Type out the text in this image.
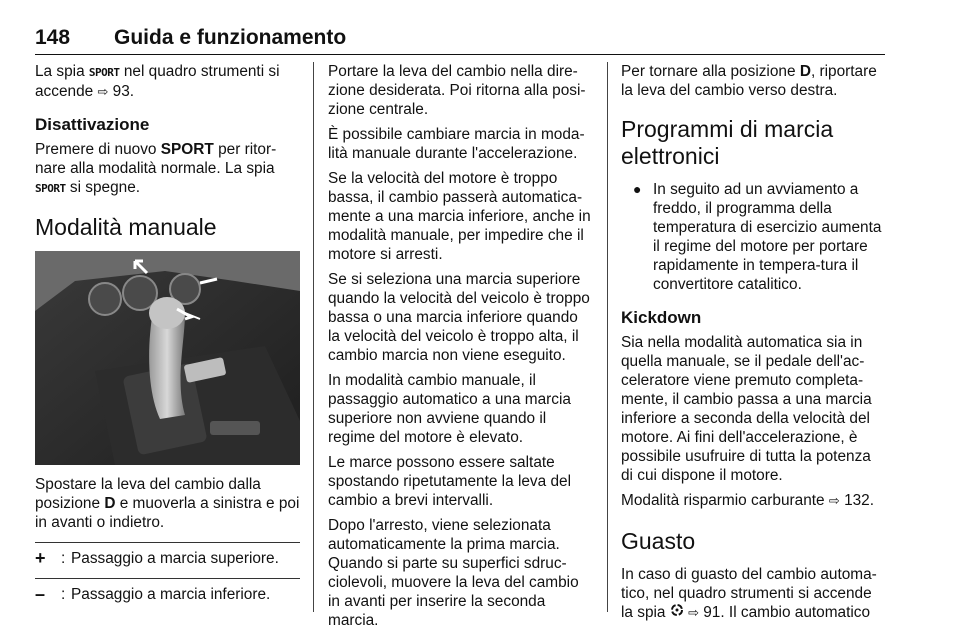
148 Guida e funzionamento

La spia SPORT nel quadro strumenti si accende ⇨ 93.

Disattivazione

Premere di nuovo SPORT per ritor-nare alla modalità normale. La spia SPORT si spegne.

Modalità manuale

Spostare la leva del cambio dalla posizione D e muoverla a sinistra e poi in avanti o indietro.

+	: Passaggio a marcia superiore.
–	: Passaggio a marcia inferiore.

Portare la leva del cambio nella dire-zione desiderata. Poi ritorna alla posi-zione centrale.

È possibile cambiare marcia in moda-lità manuale durante l'accelerazione.

Se la velocità del motore è troppo bassa, il cambio passerà automatica-mente a una marcia inferiore, anche in modalità manuale, per impedire che il motore si arresti.

Se si seleziona una marcia superiore quando la velocità del veicolo è troppo bassa o una marcia inferiore quando la velocità del veicolo è troppo alta, il cambio marcia non viene eseguito.

In modalità cambio manuale, il passaggio automatico a una marcia superiore non avviene quando il regime del motore è elevato.

Le marce possono essere saltate spostando ripetutamente la leva del cambio a brevi intervalli.

Dopo l'arresto, viene selezionata automaticamente la prima marcia. Quando si parte su superfici sdruc-ciolevoli, muovere la leva del cambio in avanti per inserire la seconda marcia.

Per tornare alla posizione D, riportare la leva del cambio verso destra.

Programmi di marcia elettronici
● In seguito ad un avviamento a freddo, il programma della temperatura di esercizio aumenta il regime del motore per portare rapidamente in tempera-tura il convertitore catalitico.
Kickdown

Sia nella modalità automatica sia in quella manuale, se il pedale dell'ac-celeratore viene premuto completa-mente, il cambio passa a una marcia inferiore a seconda della velocità del motore. Ai fini dell'accelerazione, è possibile usufruire di tutta la potenza di cui dispone il motore.

Modalità risparmio carburante ⇨ 132.

Guasto

In caso di guasto del cambio automa-tico, nel quadro strumenti si accende la spia ⇨ 91. Il cambio automatico
